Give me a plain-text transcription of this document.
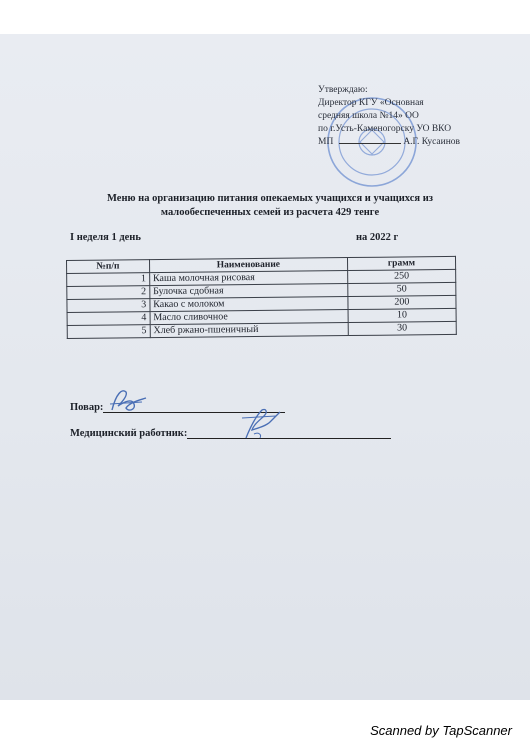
Утверждаю:
Директор КГУ «Основная
средняя школа №14» ОО
по г.Усть-Каменогорску УО ВКО
МП	А.Г. Кусаинов
Меню на организацию питания опекаемых учащихся и учащихся из
малообеспеченных семей из расчета 429 тенге
I неделя 1 день	на 2022 г
№п/п	Наименование	грамм
1	Каша молочная рисовая	250
2	Булочка сдобная	50
3	Какао с молоком	200
4	Масло сливочное	10
5	Хлеб ржано-пшеничный	30
Повар:
Медицинский работник:
Scanned by TapScanner
